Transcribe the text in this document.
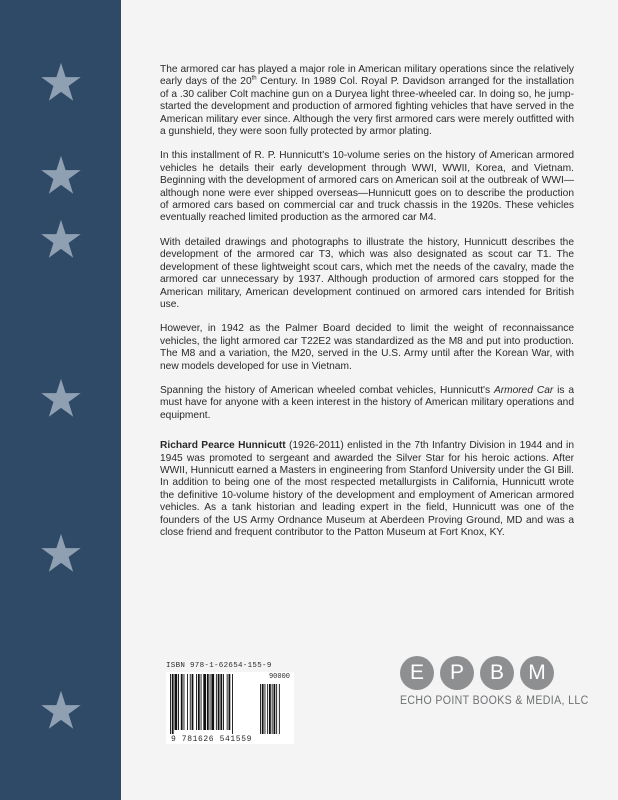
The armored car has played a major role in American military operations since the relatively early days of the 20th Century. In 1989 Col. Royal P. Davidson arranged for the installation of a .30 caliber Colt machine gun on a Duryea light three-wheeled car. In doing so, he jump-started the development and production of armored fighting vehicles that have served in the American military ever since. Although the very first armored cars were merely outfitted with a gunshield, they were soon fully protected by armor plating.

In this installment of R. P. Hunnicutt's 10-volume series on the history of American armored vehicles he details their early development through WWI, WWII, Korea, and Vietnam. Beginning with the development of armored cars on American soil at the outbreak of WWI—although none were ever shipped overseas—Hunnicutt goes on to describe the production of armored cars based on commercial car and truck chassis in the 1920s. These vehicles eventually reached limited production as the armored car M4.

With detailed drawings and photographs to illustrate the history, Hunnicutt describes the development of the armored car T3, which was also designated as scout car T1. The development of these lightweight scout cars, which met the needs of the cavalry, made the armored car unnecessary by 1937. Although production of armored cars stopped for the American military, American development continued on armored cars intended for British use.

However, in 1942 as the Palmer Board decided to limit the weight of reconnaissance vehicles, the light armored car T22E2 was standardized as the M8 and put into production. The M8 and a variation, the M20, served in the U.S. Army until after the Korean War, with new models developed for use in Vietnam.

Spanning the history of American wheeled combat vehicles, Hunnicutt's Armored Car is a must have for anyone with a keen interest in the history of American military operations and equipment.

Richard Pearce Hunnicutt (1926-2011) enlisted in the 7th Infantry Division in 1944 and in 1945 was promoted to sergeant and awarded the Silver Star for his heroic actions. After WWII, Hunnicutt earned a Masters in engineering from Stanford University under the GI Bill. In addition to being one of the most respected metallurgists in California, Hunnicutt wrote the definitive 10-volume history of the development and employment of American armored vehicles. As a tank historian and leading expert in the field, Hunnicutt was one of the founders of the US Army Ordnance Museum at Aberdeen Proving Ground, MD and was a close friend and frequent contributor to the Patton Museum at Fort Knox, KY.

ISBN 978-1-62654-155-9
90000
9 781626 541559
E	P	B	M
ECHO POINT BOOKS & MEDIA, LLC
